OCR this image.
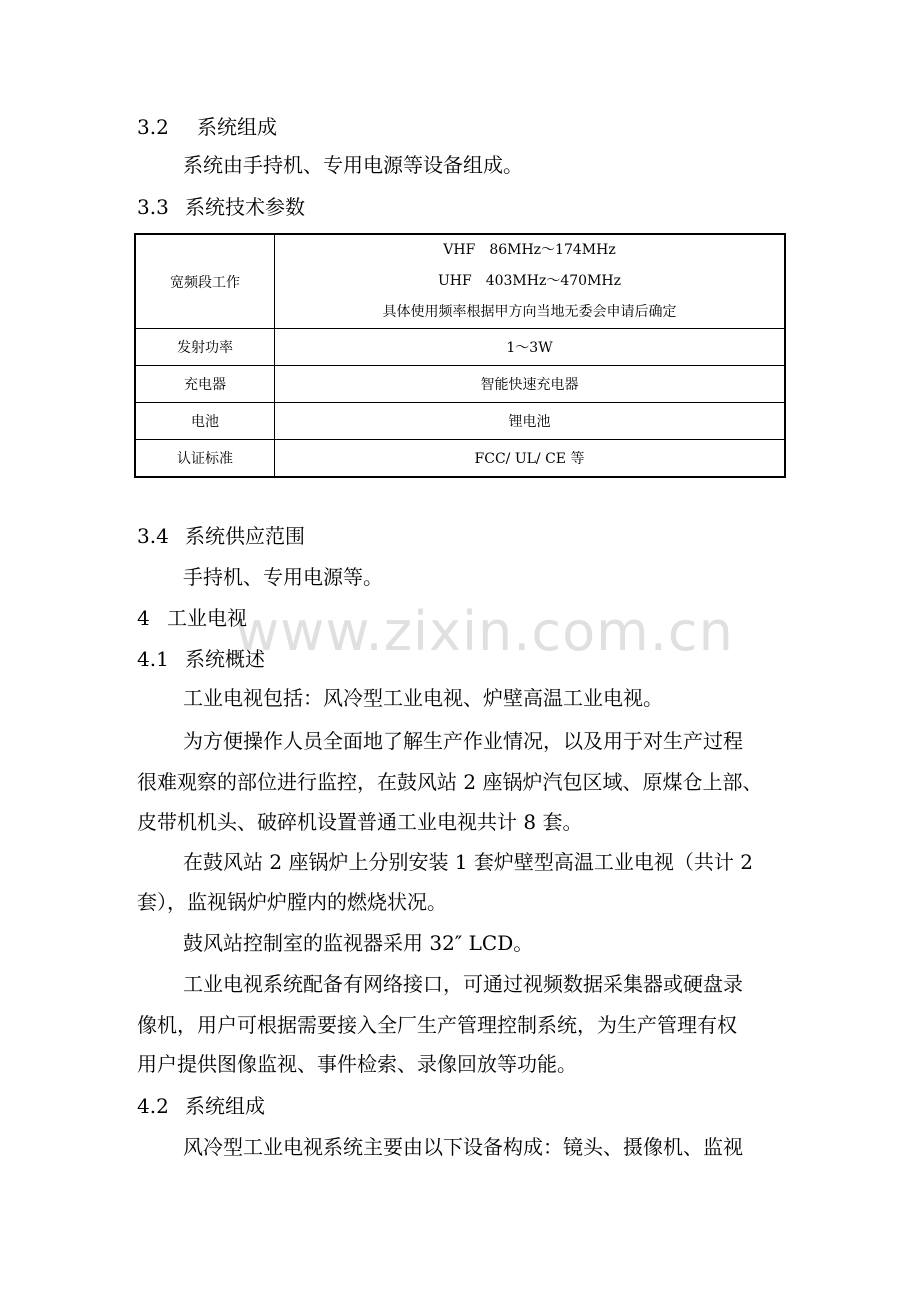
3.2 系统组成
系统由手持机、专用电源等设备组成。
3.3 系统技术参数
宽频段工作	VHF　86MHz～174MHz
UHF　403MHz～470MHz
具体使用频率根据甲方向当地无委会申请后确定

发射功率	1～3W
充电器	智能快速充电器
电池	锂电池
认证标准	FCC/ UL/ CE 等
3.4 系统供应范围
手持机、专用电源等。
4 工业电视
4.1 系统概述
工业电视包括：风冷型工业电视、炉壁高温工业电视。
为方便操作人员全面地了解生产作业情况，以及用于对生产过程
很难观察的部位进行监控，在鼓风站 2 座锅炉汽包区域、原煤仓上部、
皮带机机头、破碎机设置普通工业电视共计 8 套。
在鼓风站 2 座锅炉上分别安装 1 套炉壁型高温工业电视（共计 2
套），监视锅炉炉膛内的燃烧状况。
鼓风站控制室的监视器采用 32″ LCD。
工业电视系统配备有网络接口，可通过视频数据采集器或硬盘录
像机，用户可根据需要接入全厂生产管理控制系统，为生产管理有权
用户提供图像监视、事件检索、录像回放等功能。
4.2 系统组成
风冷型工业电视系统主要由以下设备构成：镜头、摄像机、监视
www.zixin.com.cn
